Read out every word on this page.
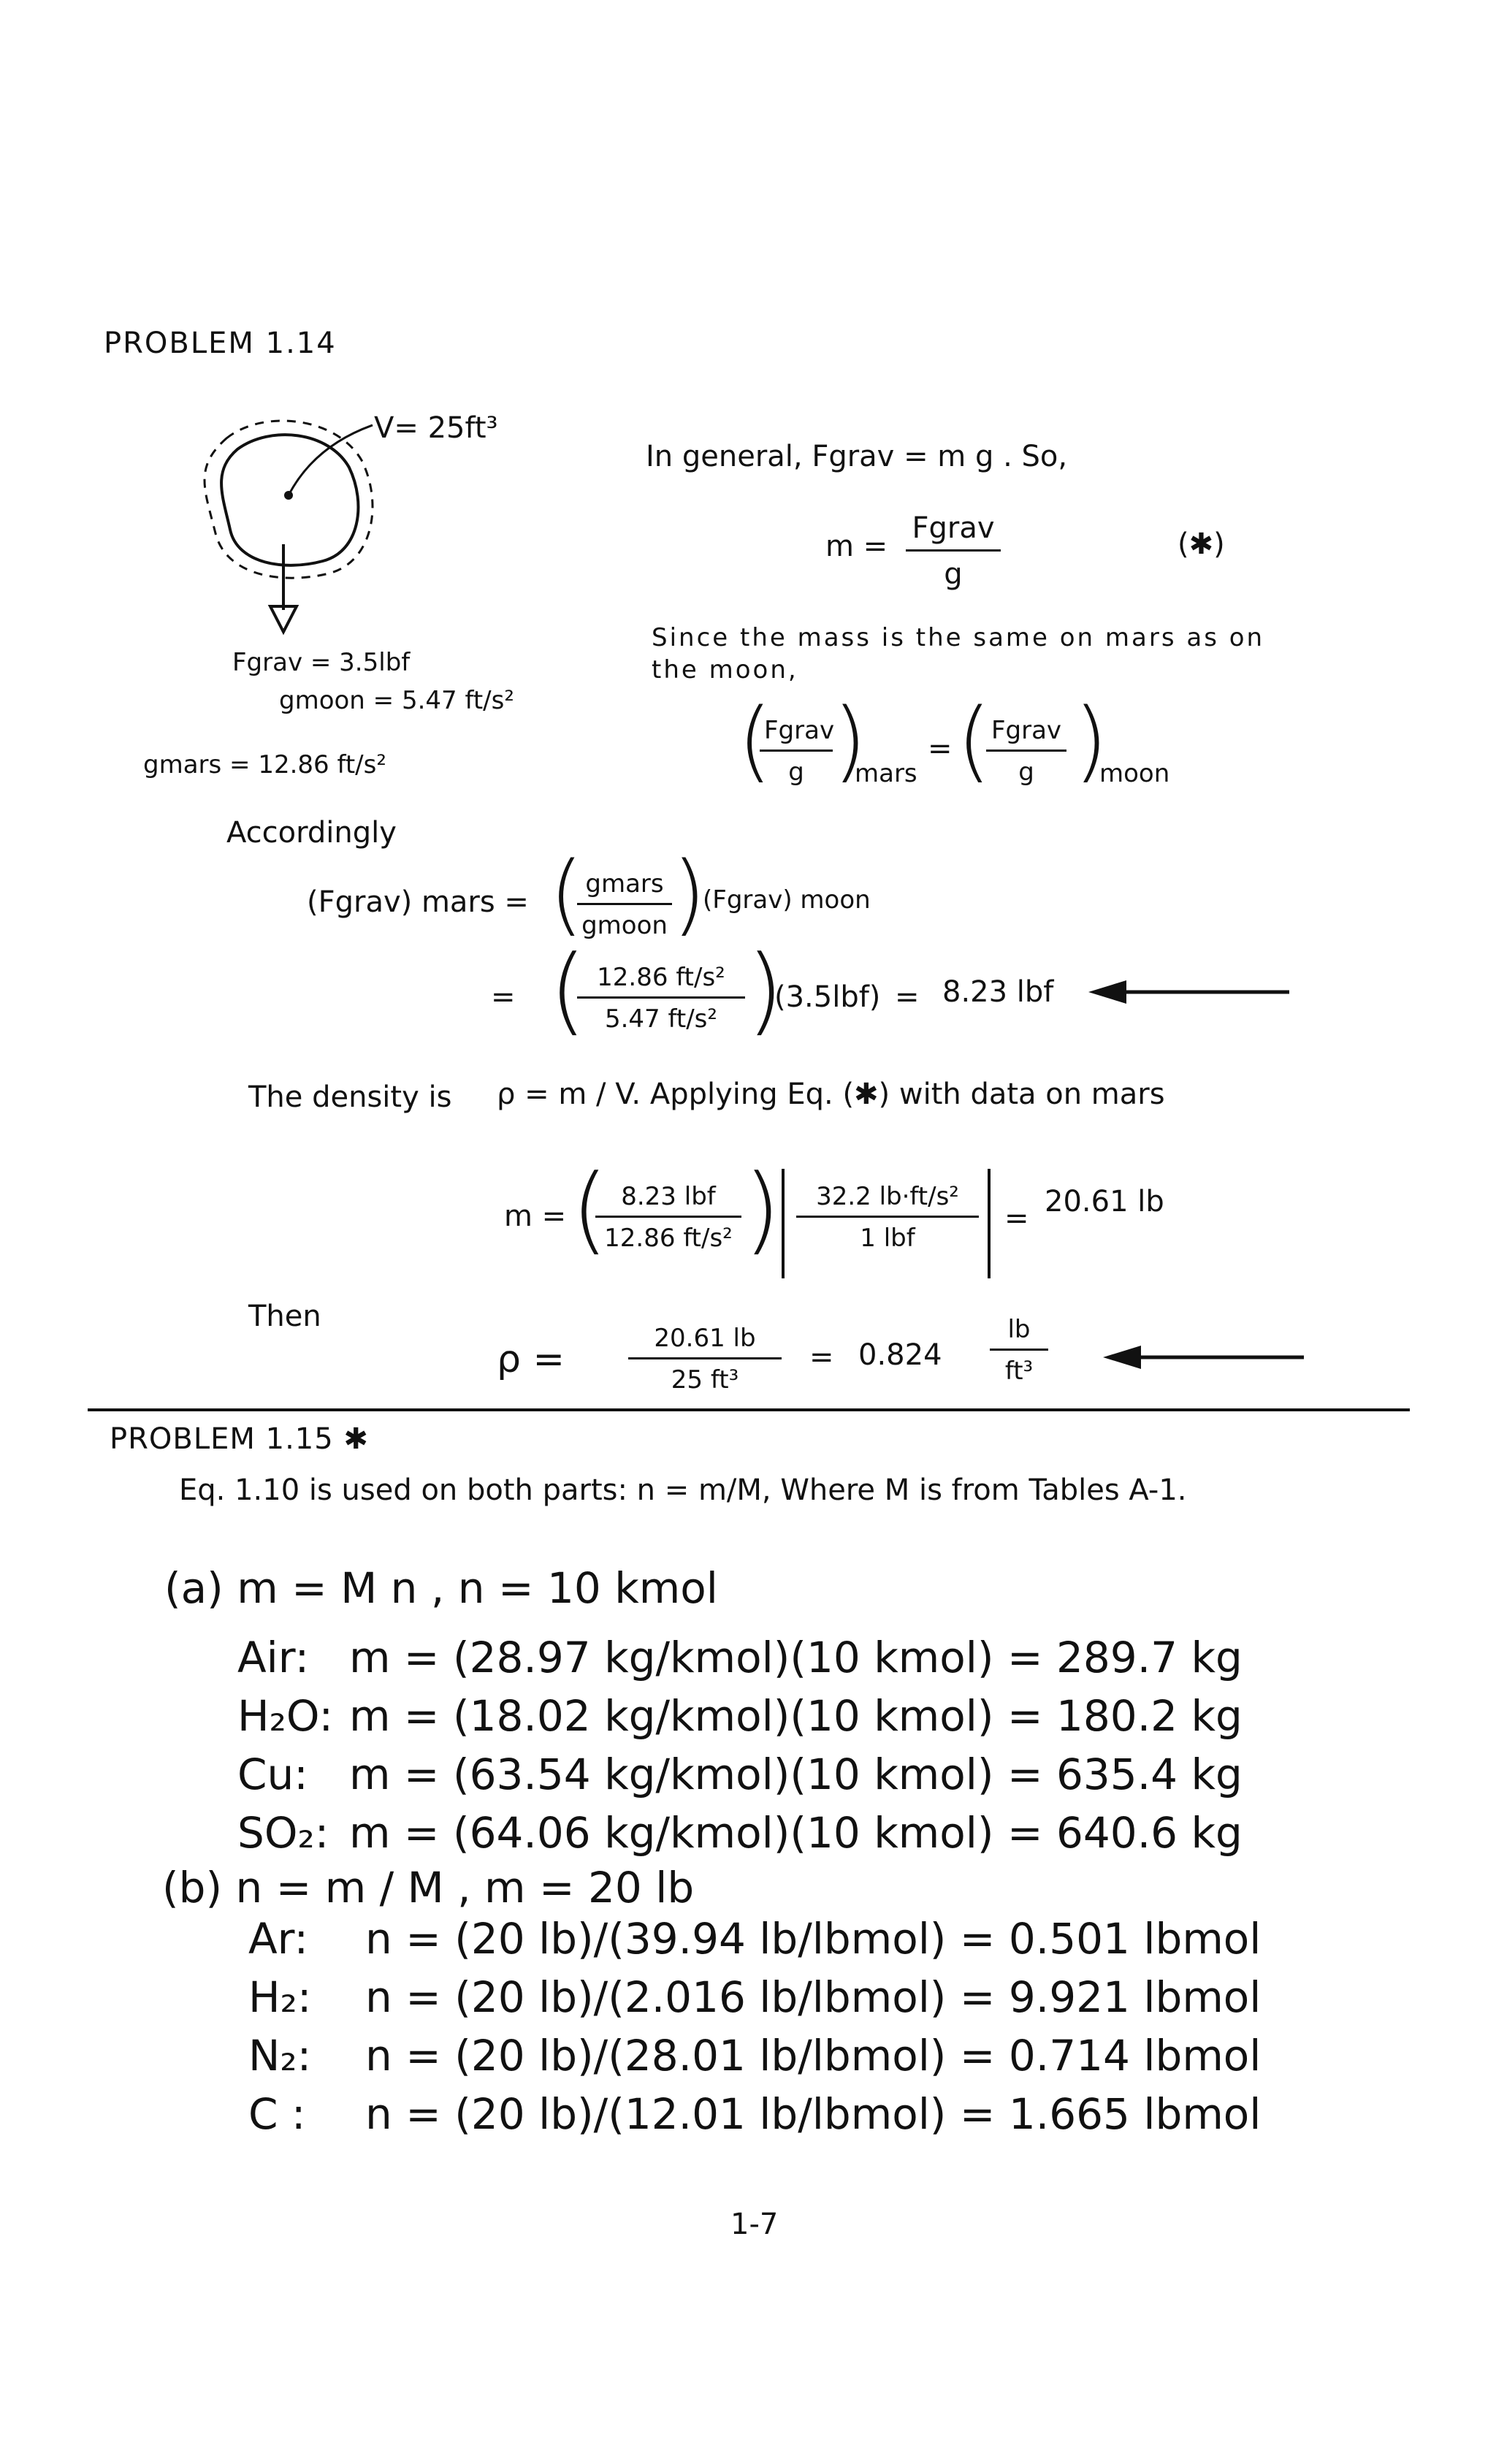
PROBLEM 1.14
V= 25ft³
Fgrav = 3.5lbf
gmoon = 5.47 ft/s²
gmars = 12.86 ft/s²
In general, Fgrav = m g . So,
m =
Fgrav
g
(✱)
Since the mass is the same on mars as on
the moon,
(
Fgrav
g )
mars
= ( Fgrav
g )
moon
Accordingly
(Fgrav) mars = ( gmars
gmoon )
(Fgrav) moon
= (
$\frac{\text{12.86 ft/s²}}{\text{5.47 ft/s²}}$ )
(3.5lbf) = 8.23 lbf
The density is ρ = m / V. Applying Eq. (✱) with data on mars
m = ( 8.23 lbf
12.86 ft/s² )	32.2 lb·ft/s²
1 lbf
= 20.61 lb
Then
ρ =	$\frac{20.61 lb}{\text{25 ft³}} = 0.824 \frac{lb}{\text{ft³}}$
PROBLEM 1.15 ✱
Eq. 1.10 is used on both parts: n = m/M, Where M is from Tables A-1.
(a) m = M n , n = 10 kmol
Air: m = (28.97 kg/kmol)(10 kmol) = 289.7 kg
H₂O: m = (18.02 kg/kmol)(10 kmol) = 180.2 kg
Cu: m = (63.54 kg/kmol)(10 kmol) = 635.4 kg
SO₂: m = (64.06 kg/kmol)(10 kmol) = 640.6 kg
(b) n = m / M , m = 20 lb
Ar: n = (20 lb)/(39.94 lb/lbmol) = 0.501 lbmol
H₂: n = (20 lb)/(2.016 lb/lbmol) = 9.921 lbmol
N₂: n = (20 lb)/(28.01 lb/lbmol) = 0.714 lbmol
C : n = (20 lb)/(12.01 lb/lbmol) = 1.665 lbmol
1-7
